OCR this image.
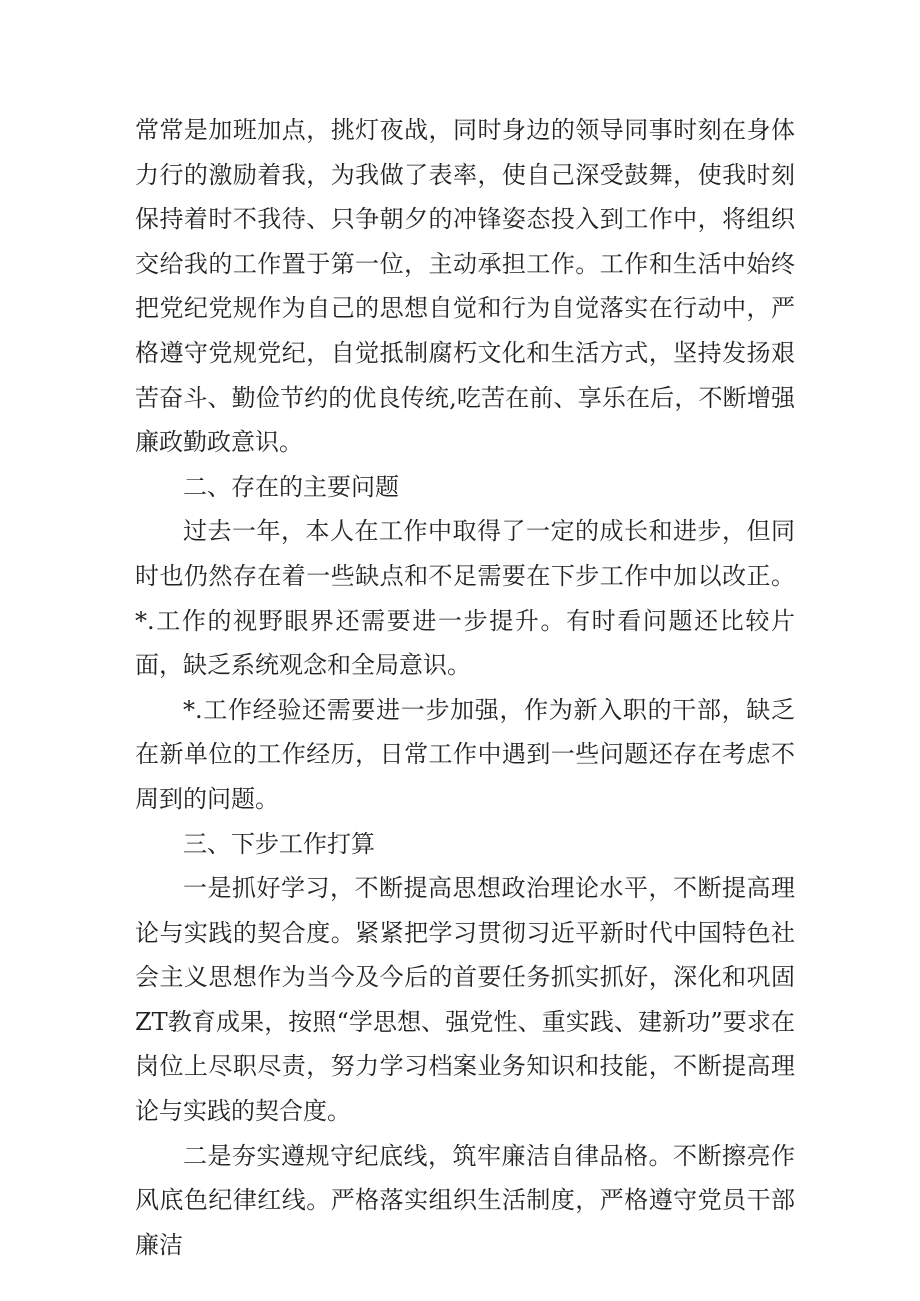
常常是加班加点，挑灯夜战，同时身边的领导同事时刻在身体力行的激励着我，为我做了表率，使自己深受鼓舞，使我时刻保持着时不我待、只争朝夕的冲锋姿态投入到工作中，将组织交给我的工作置于第一位，主动承担工作。工作和生活中始终把党纪党规作为自己的思想自觉和行为自觉落实在行动中，严格遵守党规党纪，自觉抵制腐朽文化和生活方式，坚持发扬艰苦奋斗、勤俭节约的优良传统,吃苦在前、享乐在后，不断增强廉政勤政意识。

二、存在的主要问题

过去一年，本人在工作中取得了一定的成长和进步，但同时也仍然存在着一些缺点和不足需要在下步工作中加以改正。*.工作的视野眼界还需要进一步提升。有时看问题还比较片面，缺乏系统观念和全局意识。

*.工作经验还需要进一步加强，作为新入职的干部，缺乏在新单位的工作经历，日常工作中遇到一些问题还存在考虑不周到的问题。

三、下步工作打算

一是抓好学习，不断提高思想政治理论水平，不断提高理论与实践的契合度。紧紧把学习贯彻习近平新时代中国特色社会主义思想作为当今及今后的首要任务抓实抓好，深化和巩固ZT教育成果，按照“学思想、强党性、重实践、建新功”要求在岗位上尽职尽责，努力学习档案业务知识和技能，不断提高理论与实践的契合度。

二是夯实遵规守纪底线，筑牢廉洁自律品格。不断擦亮作风底色纪律红线。严格落实组织生活制度，严格遵守党员干部廉洁
